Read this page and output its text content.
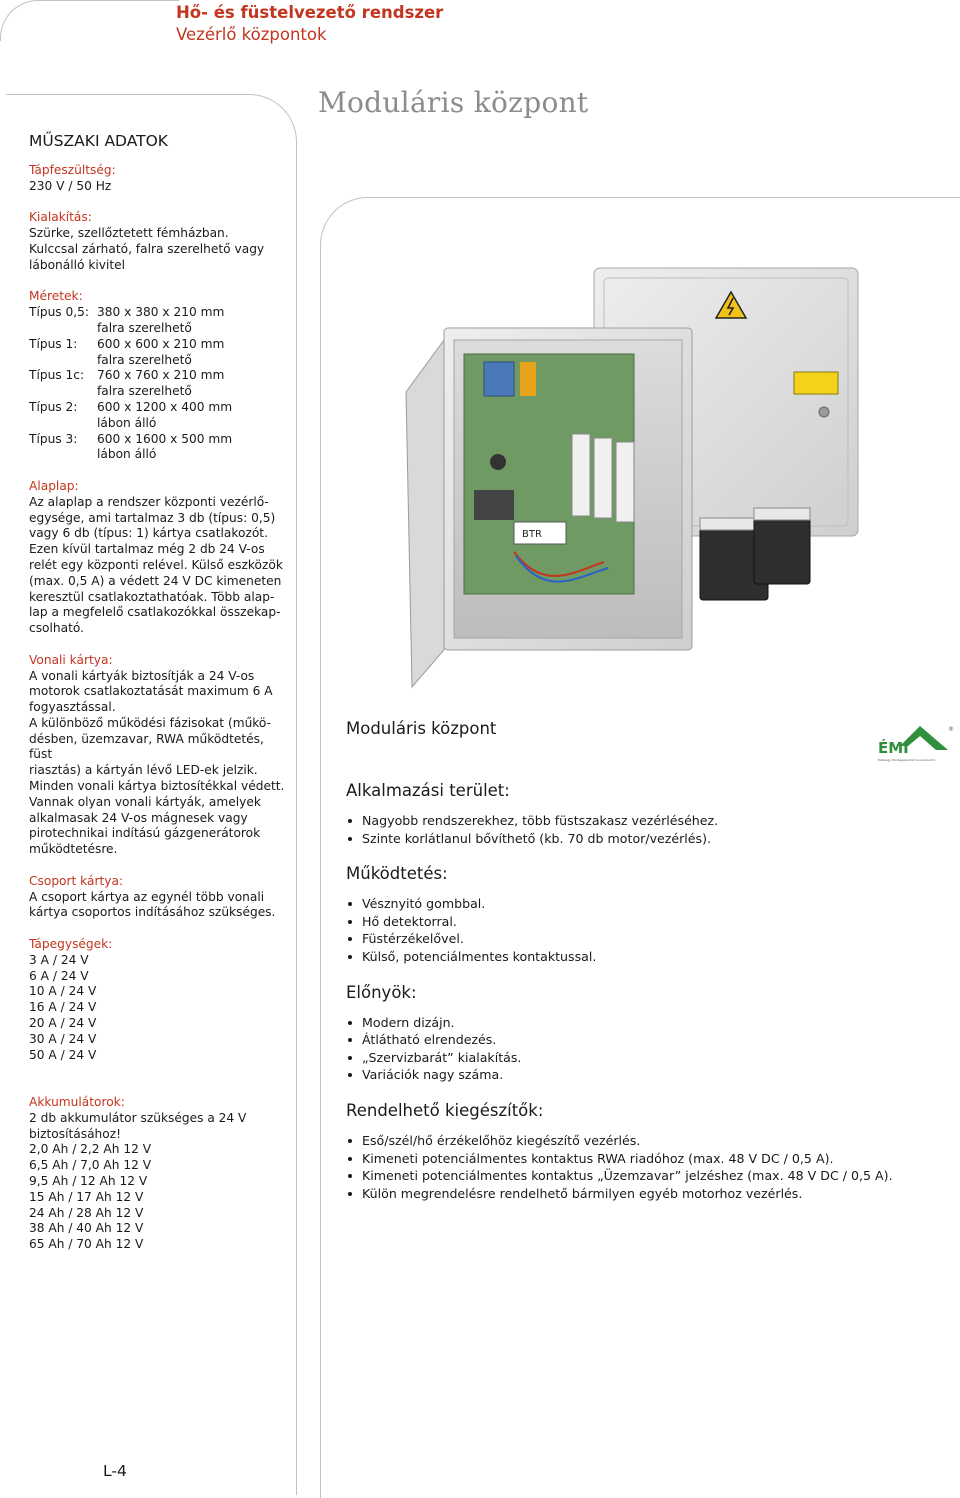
Hő- és füstelvezető rendszer
Vezérlő központok
Moduláris központ
MŰSZAKI ADATOK
Tápfeszültség:
230 V / 50 Hz
Kialakítás:
Szürke, szellőztetett fémházban.
Kulccsal zárható, falra szerelhető vagy
lábonálló kivitel
Méretek:
Típus 0,5: 380 x 380 x 210 mm
falra szerelhető
Típus 1:	600 x 600 x 210 mm
falra szerelhető
Típus 1c:	760 x 760 x 210 mm
falra szerelhető
Típus 2:	600 x 1200 x 400 mm
lábon álló
Típus 3:	600 x 1600 x 500 mm
lábon álló
Alaplap:
Az alaplap a rendszer központi vezérlő-
egysége, ami tartalmaz 3 db (típus: 0,5)
vagy 6 db (típus: 1) kártya csatlakozót.
Ezen kívül tartalmaz még 2 db 24 V-os
relét egy központi relével. Külső eszközök
(max. 0,5 A) a védett 24 V DC kimeneten
keresztül csatlakoztathatóak. Több alap-
lap a megfelelő csatlakozókkal összekap-
csolható.
Vonali kártya:
A vonali kártyák biztosítják a 24 V-os
motorok csatlakoztatását maximum 6 A
fogyasztással.
A különböző működési fázisokat (műkö-
désben, üzemzavar, RWA működtetés, füst
riasztás) a kártyán lévő LED-ek jelzik.
Minden vonali kártya biztosítékkal védett.
Vannak olyan vonali kártyák, amelyek
alkalmasak 24 V-os mágnesek vagy
pirotechnikai indítású gázgenerátorok
működtetésre.
Csoport kártya:
A csoport kártya az egynél több vonali
kártya csoportos indításához szükséges.
Tápegységek:
3 A / 24 V
6 A / 24 V
10 A / 24 V
16 A / 24 V
20 A / 24 V
30 A / 24 V
50 A / 24 V
Akkumulátorok:
2 db akkumulátor szükséges a 24 V
biztosításához!
2,0 Ah / 2,2 Ah 12 V
6,5 Ah / 7,0 Ah 12 V
9,5 Ah / 12 Ah 12 V
15 Ah / 17 Ah 12 V
24 Ah / 28 Ah 12 V
38 Ah / 40 Ah 12 V
65 Ah / 70 Ah 12 V
BTR
Moduláris központ
Alkalmazási terület:
Nagyobb rendszerekhez, több füstszakasz vezérléséhez.
Szinte korlátlanul bővíthető (kb. 70 db motor/vezérlés).
Működtetés:
Vésznyitó gombbal.
Hő detektorral.
Füstérzékelővel.
Külső, potenciálmentes kontaktussal.
Előnyök:
Modern dizájn.
Átlátható elrendezés.
„Szervizbarát” kialakítás.
Variációk nagy száma.
Rendelhető kiegészítők:
Eső/szél/hő érzékelőhöz kiegészítő vezérlés.
Kimeneti potenciálmentes kontaktus RWA riadóhoz (max. 48 V DC / 0,5 A).
Kimeneti potenciálmentes kontaktus „Üzemzavar” jelzéshez (max. 48 V DC / 0,5 A).
Külön megrendelésre rendelhető bármilyen egyéb motorhoz vezérlés.
ÉMI
®
Építésügyi Minőségellenőrző Innovációs Kht.
L-4
